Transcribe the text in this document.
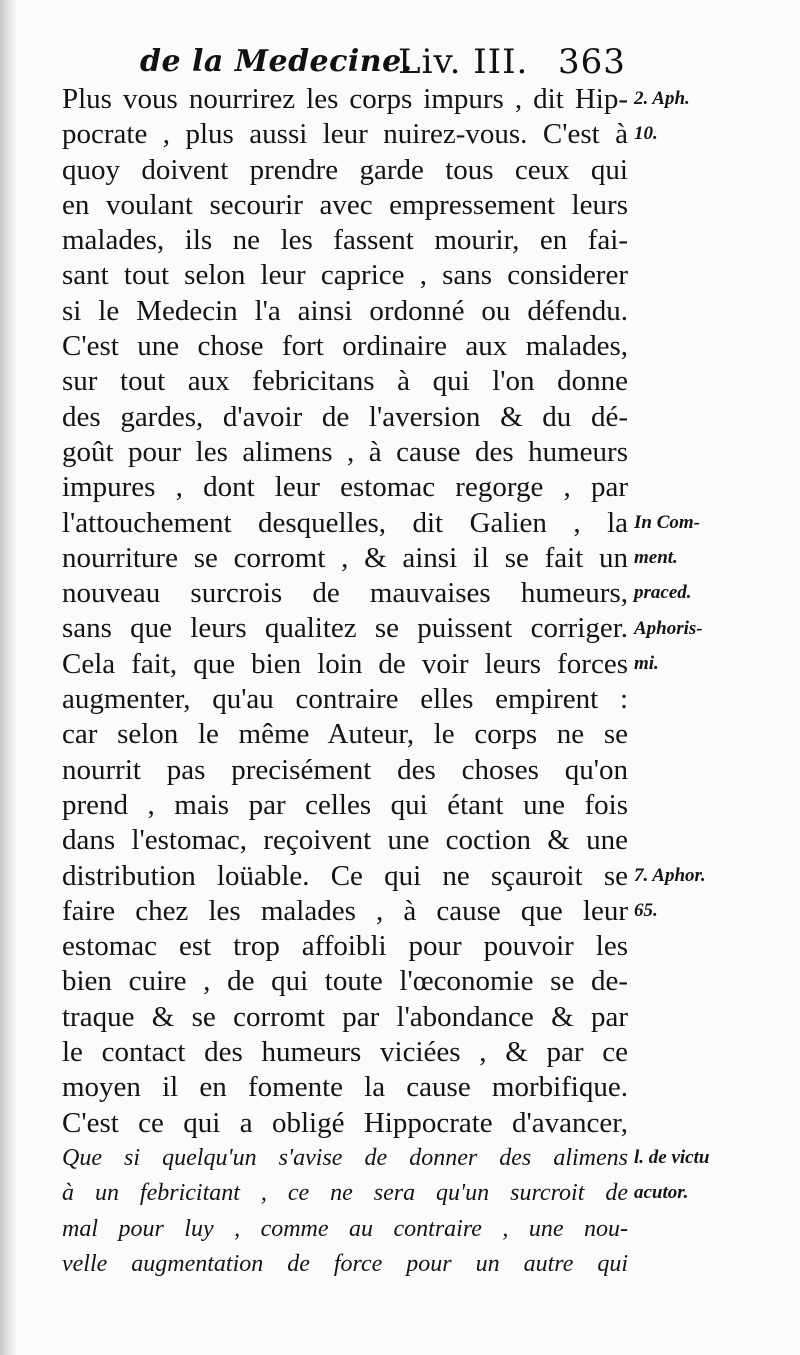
de la Medecine.
Liv. III. 363
Plus vous nourrirez les corps impurs , dit Hip-
pocrate , plus aussi leur nuirez-vous. C'est à
quoy doivent prendre garde tous ceux qui
en voulant secourir avec empressement leurs
malades, ils ne les fassent mourir, en fai-
sant tout selon leur caprice , sans considerer
si le Medecin l'a ainsi ordonné ou défendu.
C'est une chose fort ordinaire aux malades,
sur tout aux febricitans à qui l'on donne
des gardes, d'avoir de l'aversion & du dé-
goût pour les alimens , à cause des humeurs
impures , dont leur estomac regorge , par
l'attouchement desquelles, dit Galien , la
nourriture se corromt , & ainsi il se fait un
nouveau surcrois de mauvaises humeurs,
sans que leurs qualitez se puissent corriger.
Cela fait, que bien loin de voir leurs forces
augmenter, qu'au contraire elles empirent :
car selon le même Auteur, le corps ne se
nourrit pas precisément des choses qu'on
prend , mais par celles qui étant une fois
dans l'estomac, reçoivent une coction & une
distribution loüable. Ce qui ne sçauroit se
faire chez les malades , à cause que leur
estomac est trop affoibli pour pouvoir les
bien cuire , de qui toute l'œconomie se de-
traque & se corromt par l'abondance & par
le contact des humeurs viciées , & par ce
moyen il en fomente la cause morbifique.
C'est ce qui a obligé Hippocrate d'avancer,
Que si quelqu'un s'avise de donner des alimens
à un febricitant , ce ne sera qu'un surcroit de
mal pour luy , comme au contraire , une nou-
velle augmentation de force pour un autre qui
2. Aph.
10.
In Com-
ment.
praced.
Aphoris-
mi.
7. Aphor.
65.
l. de victu
acutor.
